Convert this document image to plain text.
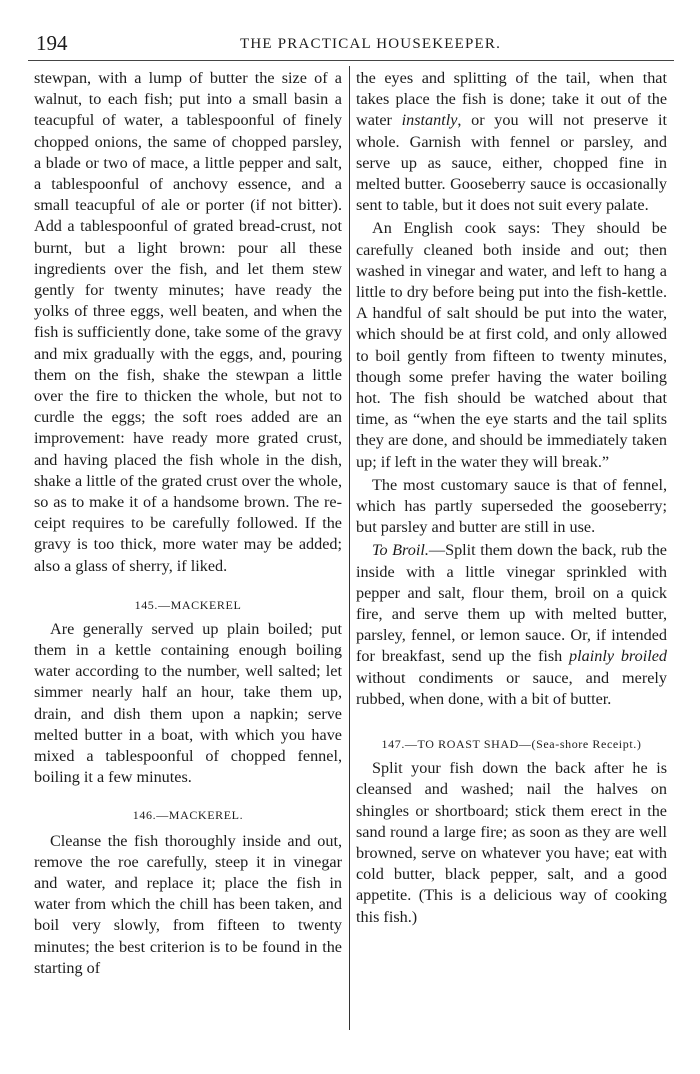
194	THE PRACTICAL HOUSEKEEPER.

stewpan, with a lump of butter the size of a walnut, to each fish; put into a small basin a teacupful of water, a tablespoonful of finely chopped onions, the same of chopped parsley, a blade or two of mace, a little pepper and salt, a tablespoonful of anchovy essence, and a small teacupful of ale or porter (if not bitter). Add a tablespoonful of grated bread-crust, not burnt, but a light brown: pour all these ingredients over the fish, and let them stew gently for twenty minutes; have ready the yolks of three eggs, well beaten, and when the fish is sufficiently done, take some of the gravy and mix gradually with the eggs, and, pouring them on the fish, shake the stewpan a little over the fire to thicken the whole, but not to curdle the eggs; the soft roes added are an improvement: have ready more grated crust, and having placed the fish whole in the dish, shake a little of the grated crust over the whole, so as to make it of a handsome brown. The receipt requires to be carefully followed. If the gravy is too thick, more water may be added; also a glass of sherry, if liked.

145.—MACKEREL

Are generally served up plain boiled; put them in a kettle containing enough boiling water according to the number, well salted; let simmer nearly half an hour, take them up, drain, and dish them upon a napkin; serve melted butter in a boat, with which you have mixed a tablespoonful of chopped fennel, boiling it a few minutes.

146.—MACKEREL.

Cleanse the fish thoroughly inside and out, remove the roe carefully, steep it in vinegar and water, and replace it; place the fish in water from which the chill has been taken, and boil very slowly, from fifteen to twenty minutes; the best criterion is to be found in the starting of

the eyes and splitting of the tail, when that takes place the fish is done; take it out of the water instantly, or you will not preserve it whole. Garnish with fennel or parsley, and serve up as sauce, either, chopped fine in melted butter. Gooseberry sauce is occasionally sent to table, but it does not suit every palate.

An English cook says: They should be carefully cleaned both inside and out; then washed in vinegar and water, and left to hang a little to dry before being put into the fish-kettle. A handful of salt should be put into the water, which should be at first cold, and only allowed to boil gently from fifteen to twenty minutes, though some prefer having the water boiling hot. The fish should be watched about that time, as “when the eye starts and the tail splits they are done, and should be immediately taken up; if left in the water they will break.”

The most customary sauce is that of fennel, which has partly superseded the gooseberry; but parsley and butter are still in use.

To Broil.—Split them down the back, rub the inside with a little vinegar sprinkled with pepper and salt, flour them, broil on a quick fire, and serve them up with melted butter, parsley, fennel, or lemon sauce. Or, if intended for breakfast, send up the fish plainly broiled without condiments or sauce, and merely rubbed, when done, with a bit of butter.

147.—TO ROAST SHAD—(Sea-shore Receipt.)

Split your fish down the back after he is cleansed and washed; nail the halves on shingles or shortboard; stick them erect in the sand round a large fire; as soon as they are well browned, serve on whatever you have; eat with cold butter, black pepper, salt, and a good appetite. (This is a delicious way of cooking this fish.)
